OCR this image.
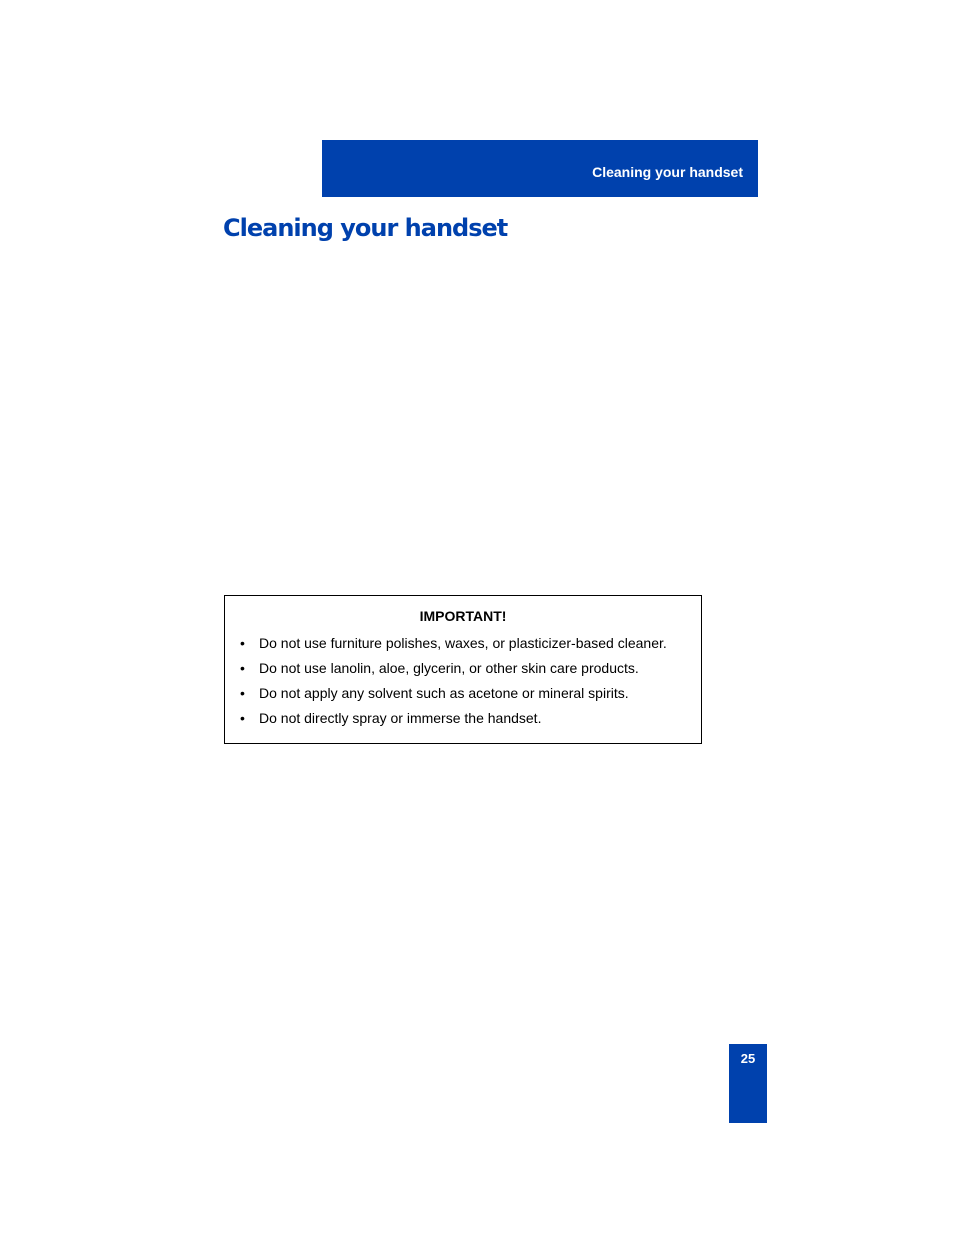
Cleaning your handset
Cleaning your handset
IMPORTANT!
•	Do not use furniture polishes, waxes, or plasticizer-based cleaner.
•	Do not use lanolin, aloe, glycerin, or other skin care products.
•	Do not apply any solvent such as acetone or mineral spirits.
•	Do not directly spray or immerse the handset.
25
